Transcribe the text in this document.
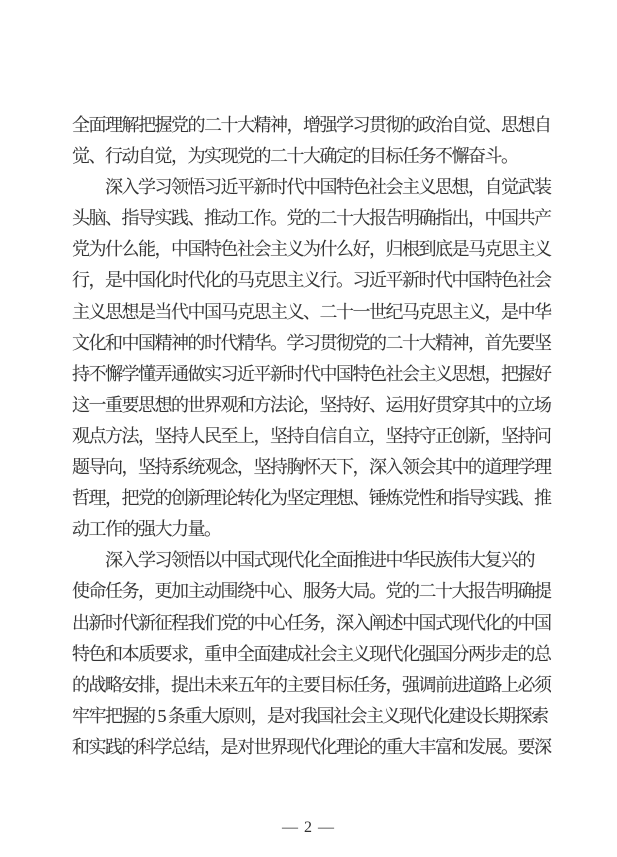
全面理解把握党的二十大精神，增强学习贯彻的政治自觉、思想自
觉、行动自觉，为实现党的二十大确定的目标任务不懈奋斗。
　　深入学习领悟习近平新时代中国特色社会主义思想，自觉武装
头脑、指导实践、推动工作。党的二十大报告明确指出，中国共产
党为什么能，中国特色社会主义为什么好，归根到底是马克思主义
行，是中国化时代化的马克思主义行。习近平新时代中国特色社会
主义思想是当代中国马克思主义、二十一世纪马克思主义，是中华
文化和中国精神的时代精华。学习贯彻党的二十大精神，首先要坚
持不懈学懂弄通做实习近平新时代中国特色社会主义思想，把握好
这一重要思想的世界观和方法论，坚持好、运用好贯穿其中的立场
观点方法，坚持人民至上，坚持自信自立，坚持守正创新，坚持问
题导向，坚持系统观念，坚持胸怀天下，深入领会其中的道理学理
哲理，把党的创新理论转化为坚定理想、锤炼党性和指导实践、推
动工作的强大力量。
　　深入学习领悟以中国式现代化全面推进中华民族伟大复兴的
使命任务，更加主动围绕中心、服务大局。党的二十大报告明确提
出新时代新征程我们党的中心任务，深入阐述中国式现代化的中国
特色和本质要求，重申全面建成社会主义现代化强国分两步走的总
的战略安排，提出未来五年的主要目标任务，强调前进道路上必须
牢牢把握的 5 条重大原则，是对我国社会主义现代化建设长期探索
和实践的科学总结，是对世界现代化理论的重大丰富和发展。要深
— 2 —
